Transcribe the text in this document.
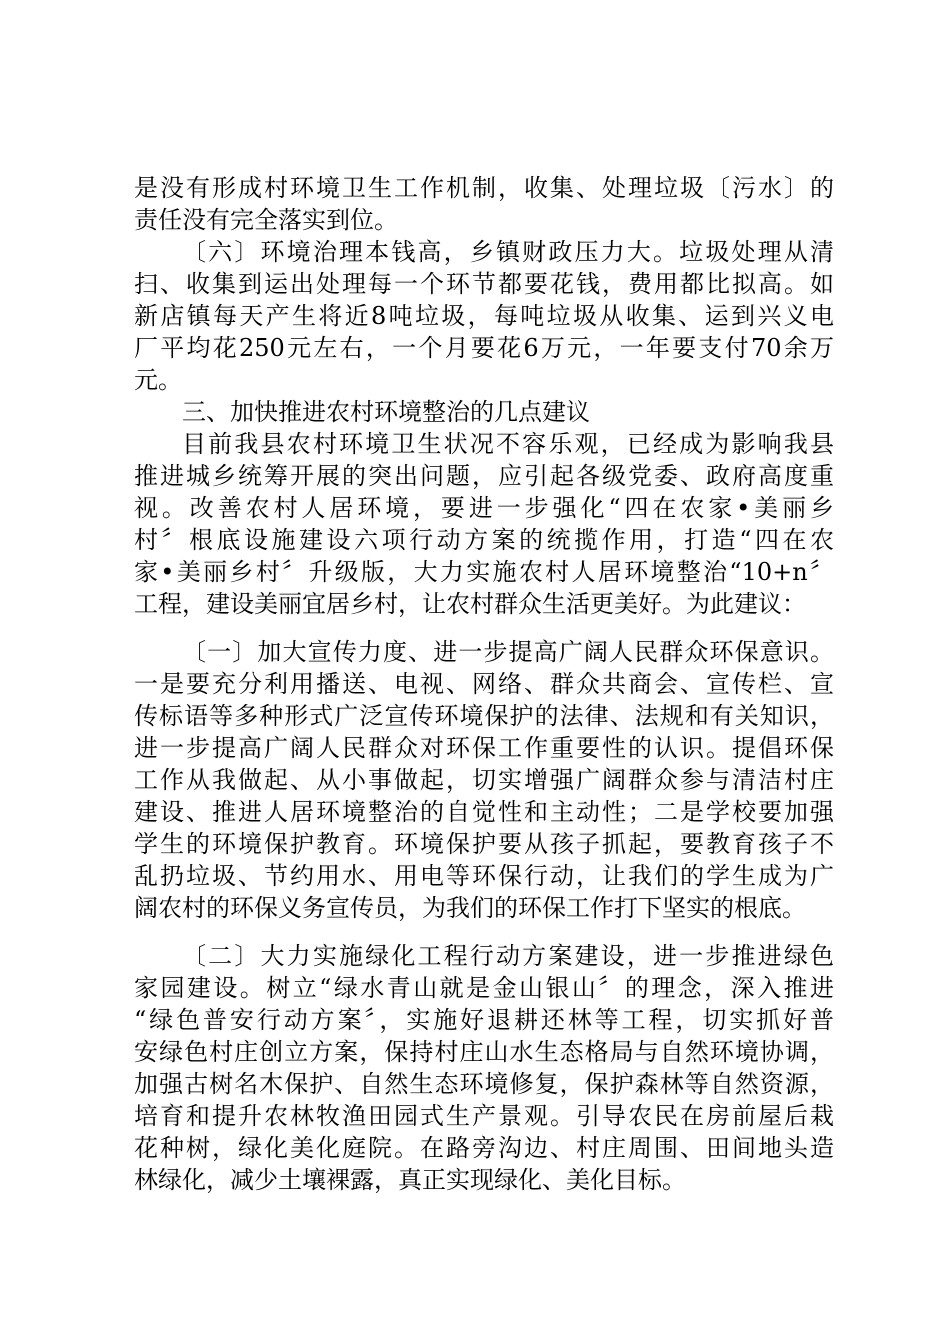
是没有形成村环境卫生工作机制，收集、处理垃圾〔污水〕的
责任没有完全落实到位。
〔六〕环境治理本钱高，乡镇财政压力大。垃圾处理从清
扫、收集到运出处理每一个环节都要花钱，费用都比拟高。如
新店镇每天产生将近8吨垃圾，每吨垃圾从收集、运到兴义电
厂平均花250元左右，一个月要花6万元，一年要支付70余万
元。
三、加快推进农村环境整治的几点建议
目前我县农村环境卫生状况不容乐观，已经成为影响我县
推进城乡统筹开展的突出问题，应引起各级党委、政府高度重
视。改善农村人居环境，要进一步强化“四在农家•美丽乡
村〞根底设施建设六项行动方案的统揽作用，打造“四在农
家•美丽乡村〞升级版，大力实施农村人居环境整治“10+n〞
工程，建设美丽宜居乡村，让农村群众生活更美好。为此建议：
〔一〕加大宣传力度、进一步提高广阔人民群众环保意识。
一是要充分利用播送、电视、网络、群众共商会、宣传栏、宣
传标语等多种形式广泛宣传环境保护的法律、法规和有关知识，
进一步提高广阔人民群众对环保工作重要性的认识。提倡环保
工作从我做起、从小事做起，切实增强广阔群众参与清洁村庄
建设、推进人居环境整治的自觉性和主动性；二是学校要加强
学生的环境保护教育。环境保护要从孩子抓起，要教育孩子不
乱扔垃圾、节约用水、用电等环保行动，让我们的学生成为广
阔农村的环保义务宣传员，为我们的环保工作打下坚实的根底。
〔二〕大力实施绿化工程行动方案建设，进一步推进绿色
家园建设。树立“绿水青山就是金山银山〞的理念，深入推进
“绿色普安行动方案〞，实施好退耕还林等工程，切实抓好普
安绿色村庄创立方案，保持村庄山水生态格局与自然环境协调，
加强古树名木保护、自然生态环境修复，保护森林等自然资源，
培育和提升农林牧渔田园式生产景观。引导农民在房前屋后栽
花种树，绿化美化庭院。在路旁沟边、村庄周围、田间地头造
林绿化，减少土壤裸露，真正实现绿化、美化目标。
